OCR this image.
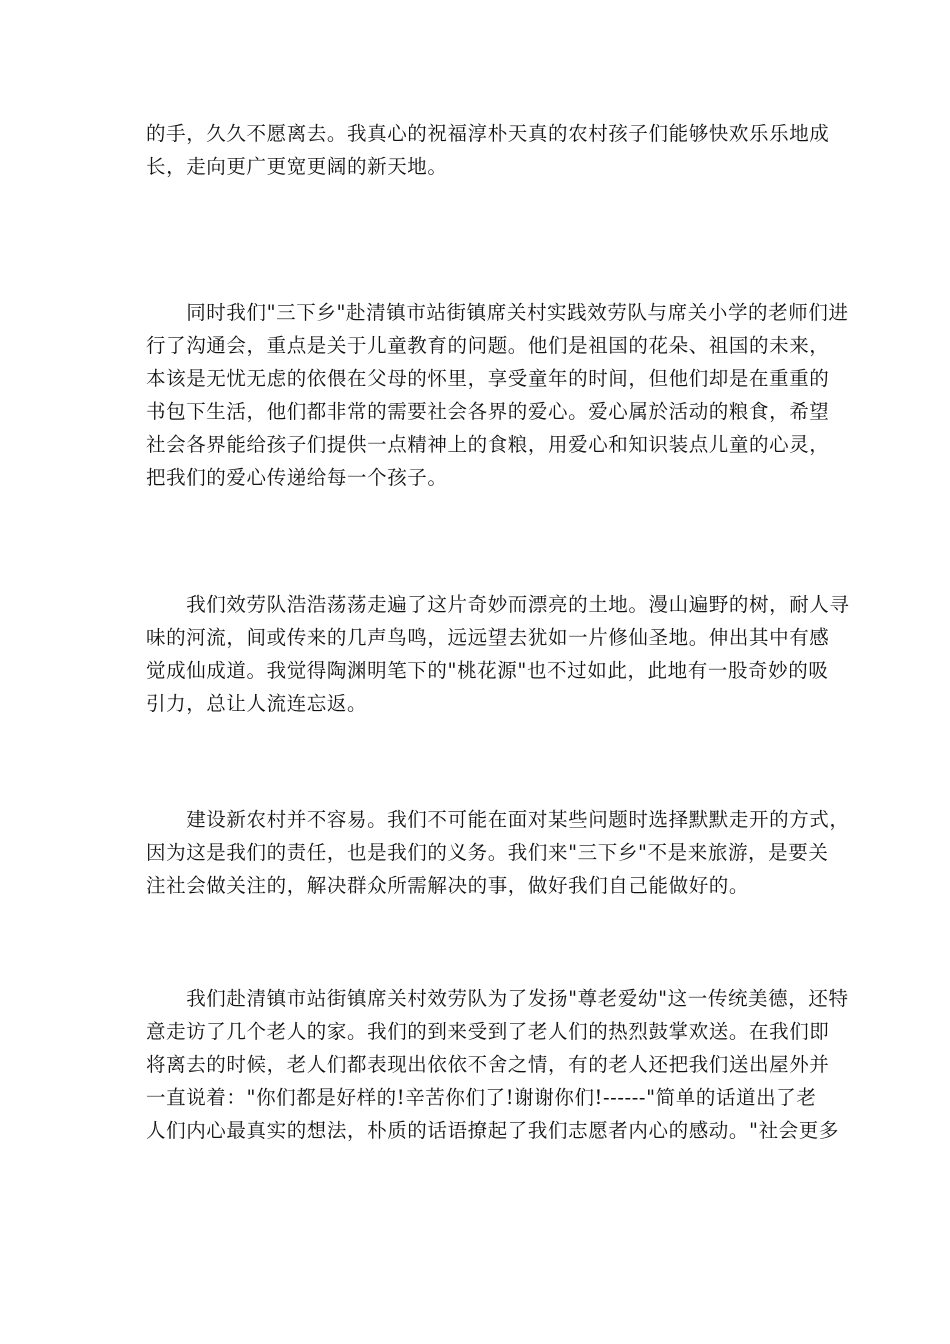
的手，久久不愿离去。我真心的祝福淳朴天真的农村孩子们能够快欢乐乐地成
长，走向更广更宽更阔的新天地。

　　同时我们"三下乡"赴清镇市站街镇席关村实践效劳队与席关小学的老师们进
行了沟通会，重点是关于儿童教育的问题。他们是祖国的花朵、祖国的未来，
本该是无忧无虑的依偎在父母的怀里，享受童年的时间，但他们却是在重重的
书包下生活，他们都非常的需要社会各界的爱心。爱心属於活动的粮食，希望
社会各界能给孩子们提供一点精神上的食粮，用爱心和知识装点儿童的心灵，
把我们的爱心传递给每一个孩子。

　　我们效劳队浩浩荡荡走遍了这片奇妙而漂亮的土地。漫山遍野的树，耐人寻
味的河流，间或传来的几声鸟鸣，远远望去犹如一片修仙圣地。伸出其中有感
觉成仙成道。我觉得陶渊明笔下的"桃花源"也不过如此，此地有一股奇妙的吸
引力，总让人流连忘返。

　　建设新农村并不容易。我们不可能在面对某些问题时选择默默走开的方式，
因为这是我们的责任，也是我们的义务。我们来"三下乡"不是来旅游，是要关
注社会做关注的，解决群众所需解决的事，做好我们自己能做好的。

　　我们赴清镇市站街镇席关村效劳队为了发扬"尊老爱幼"这一传统美德，还特
意走访了几个老人的家。我们的到来受到了老人们的热烈鼓掌欢送。在我们即
将离去的时候，老人们都表现出依依不舍之情，有的老人还把我们送出屋外并
一直说着："你们都是好样的!辛苦你们了!谢谢你们!------"简单的话道出了老
人们内心最真实的想法，朴质的话语撩起了我们志愿者内心的感动。"社会更多
